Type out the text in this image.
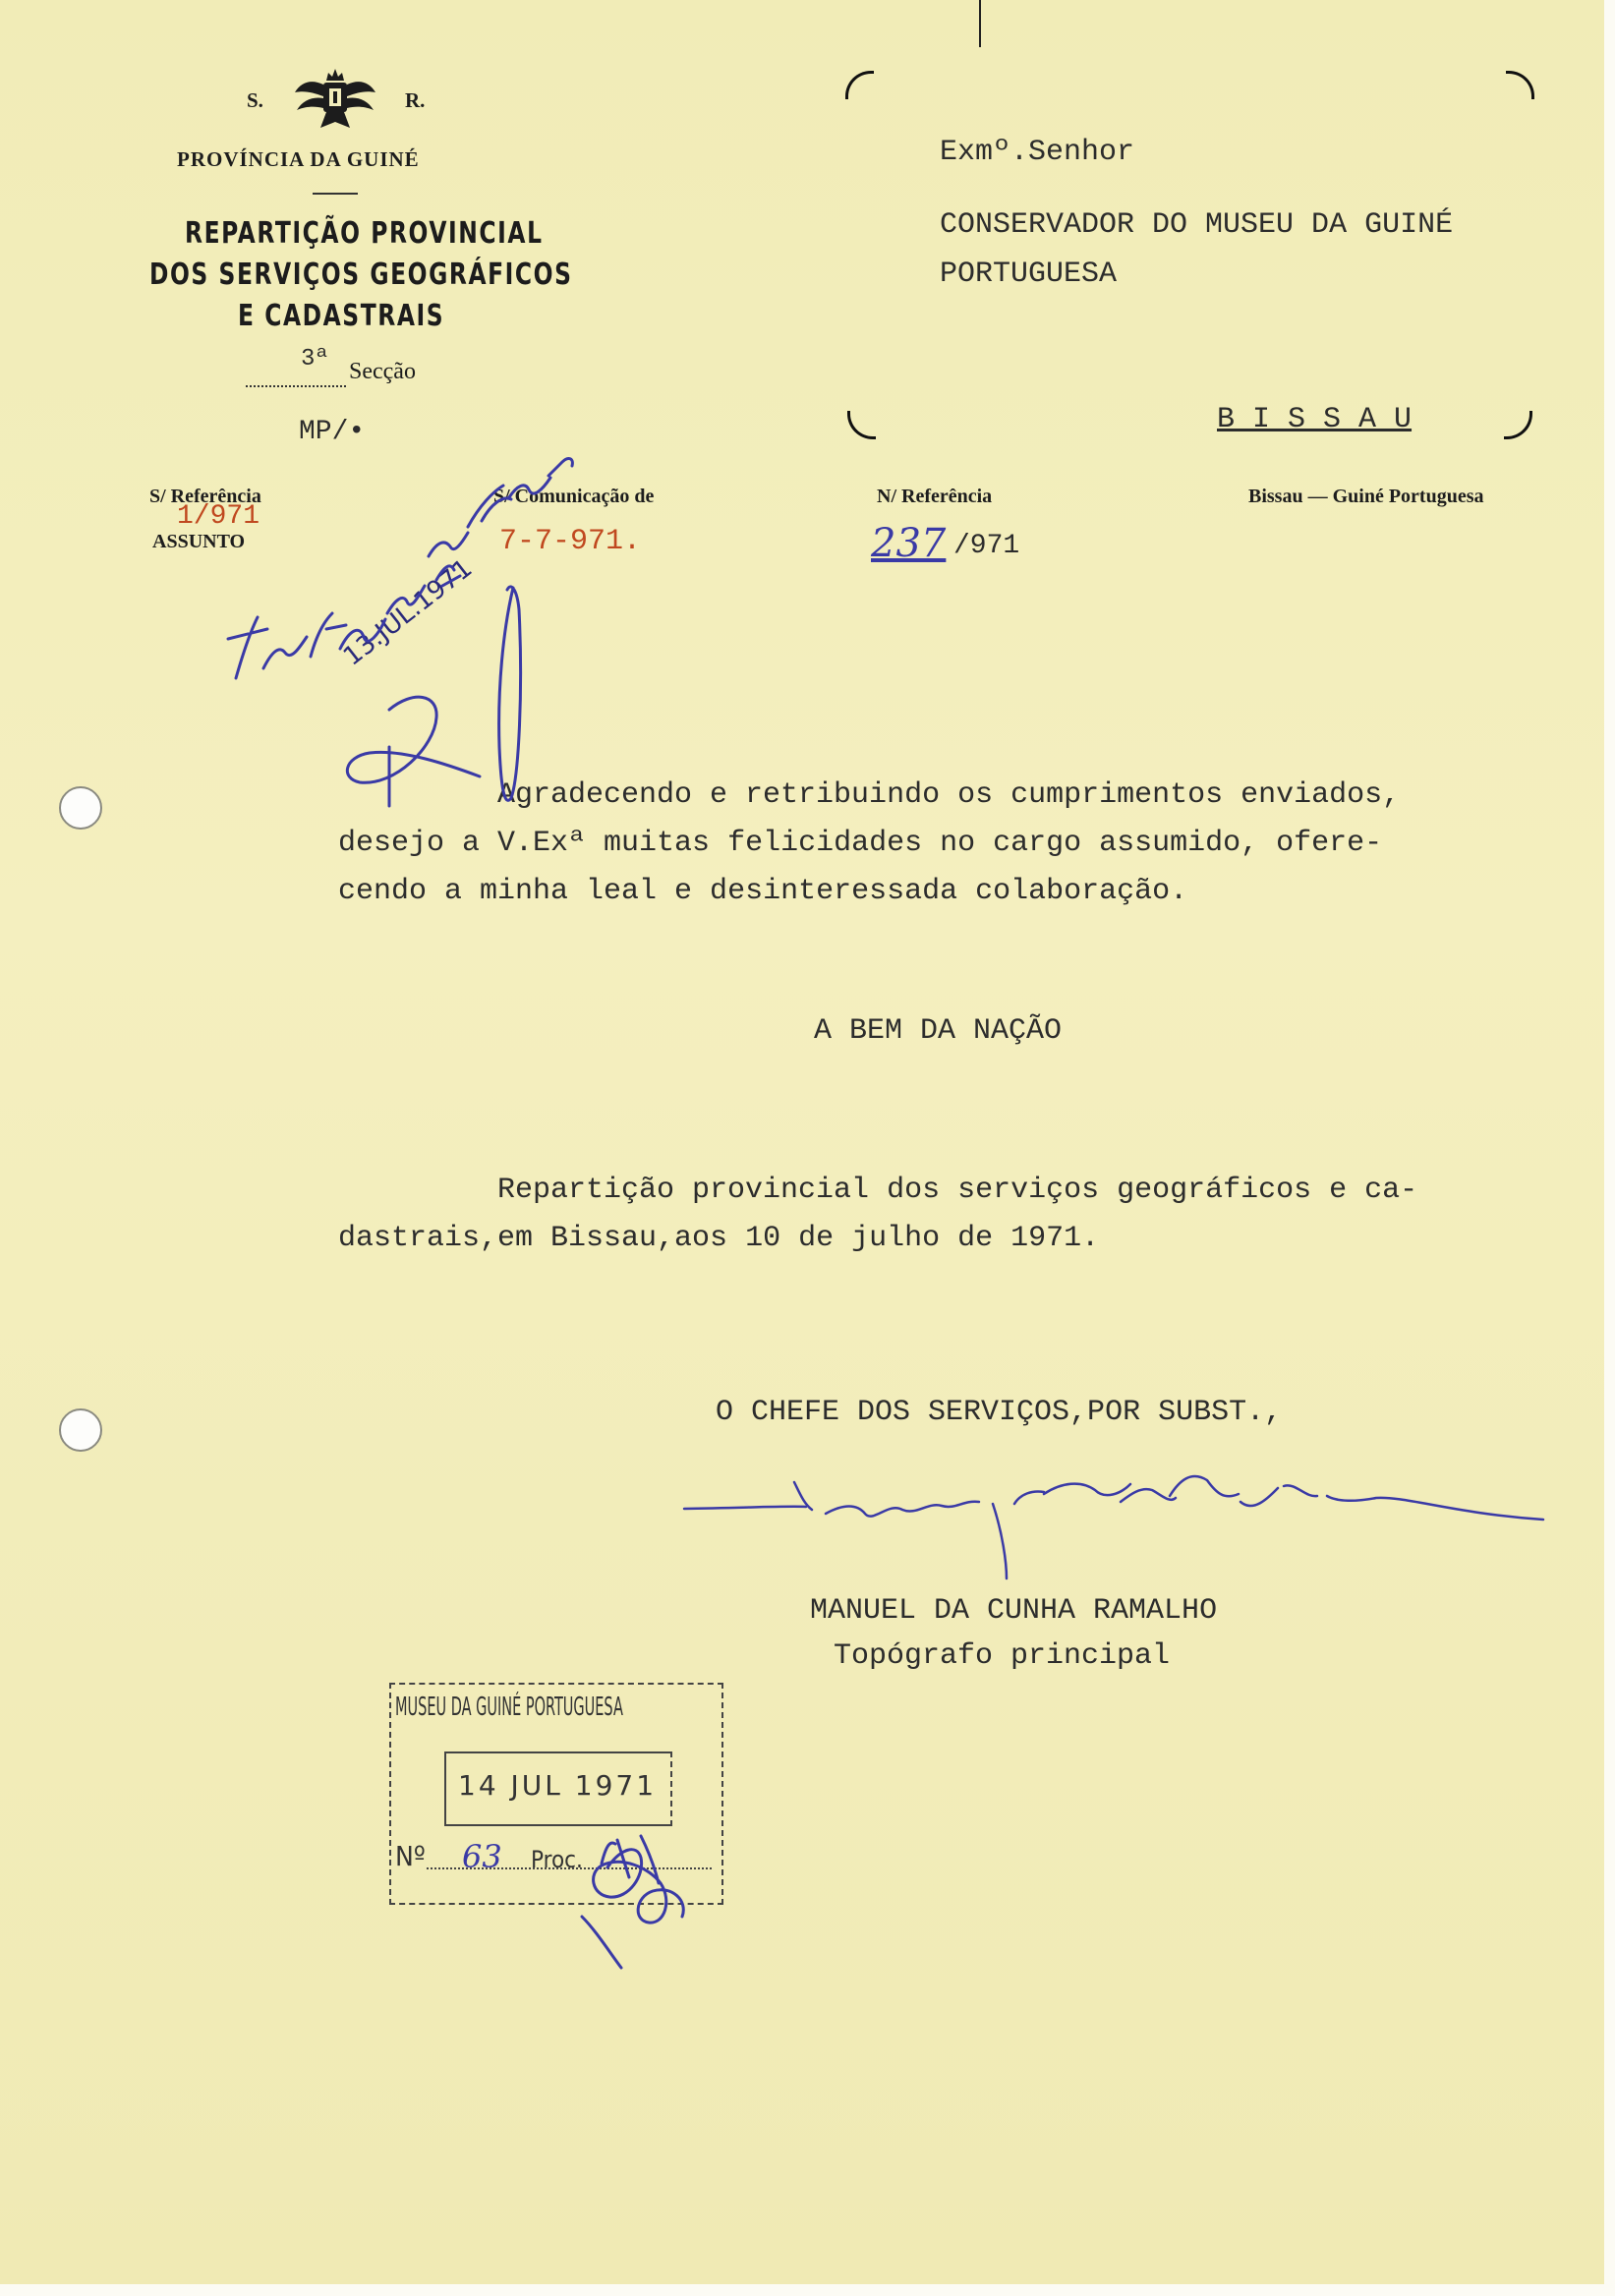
S.	R.
PROVÍNCIA DA GUINÉ
REPARTIÇÃO PROVINCIAL
DOS SERVIÇOS GEOGRÁFICOS
E CADASTRAIS
3ª Secção
MP/•
Exmº.Senhor
CONSERVADOR DO MUSEU DA GUINÉ
PORTUGUESA
B I S S A U
S/ Referência
1/971
ASSUNTO
S/ Comunicação de
7-7-971.
N/ Referência
237 /971
Bissau — Guiné Portuguesa
Agradecendo e retribuindo os cumprimentos enviados,
desejo a V.Exª muitas felicidades no cargo assumido, ofere-
cendo a minha leal e desinteressada colaboração.
A BEM DA NAÇÃO
Repartição provincial dos serviços geográficos e ca-
dastrais,em Bissau,aos 10 de julho de 1971.
O CHEFE DOS SERVIÇOS,POR SUBST.,
MANUEL DA CUNHA RAMALHO
Topógrafo principal
MUSEU DA GUINÉ PORTUGUESA
14 JUL 1971
Nº 63 Proc.
13.JUL.1971
